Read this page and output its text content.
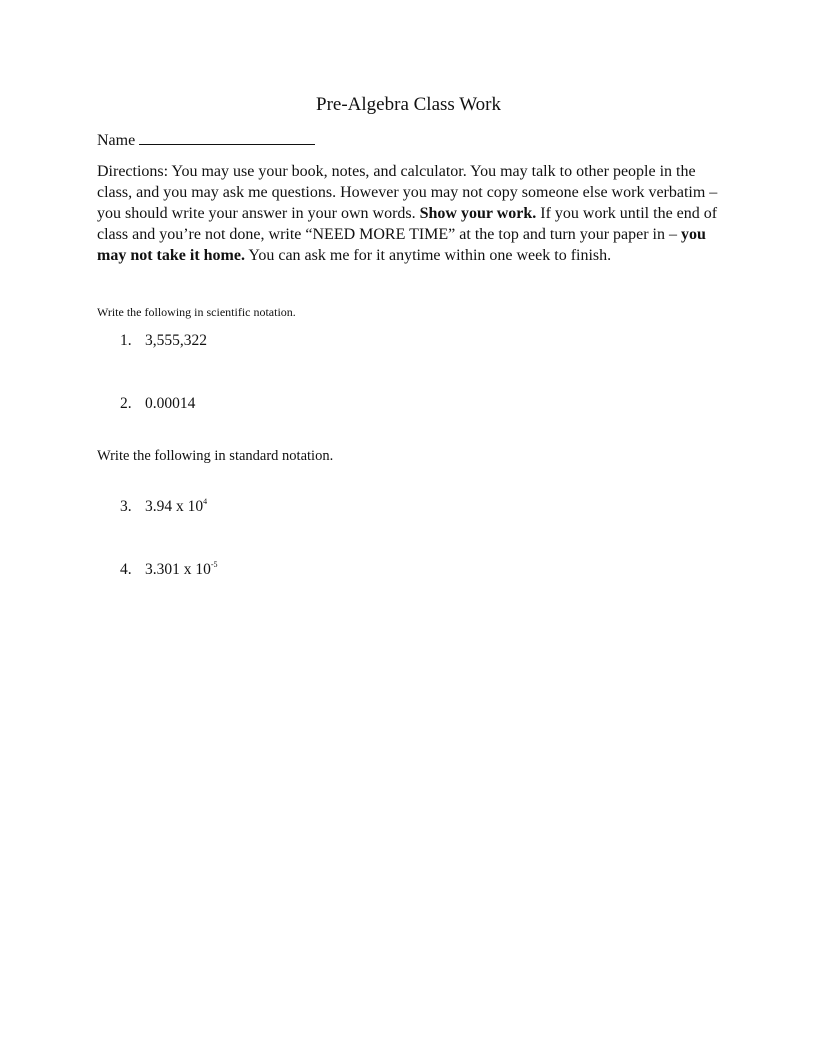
Pre-Algebra Class Work
Name
Directions: You may use your book, notes, and calculator. You may talk to other people in the class, and you may ask me questions. However you may not copy someone else work verbatim – you should write your answer in your own words. Show your work. If you work until the end of class and you’re not done, write “NEED MORE TIME” at the top and turn your paper in – you may not take it home. You can ask me for it anytime within one week to finish.
Write the following in scientific notation.
1. 3,555,322
2. 0.00014
Write the following in standard notation.
3. 3.94 x $10^4$
4. 3.301 x $10^{-5}$
